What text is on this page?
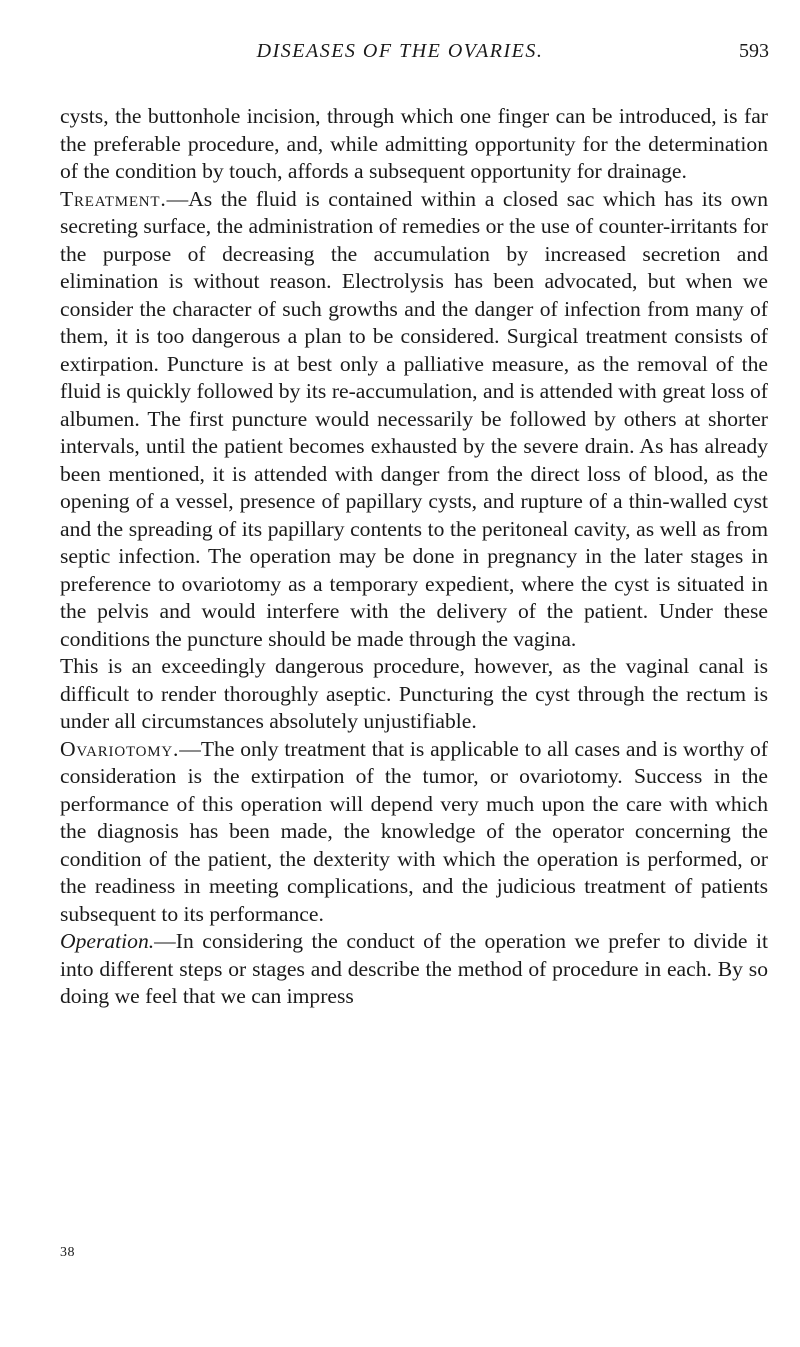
DISEASES OF THE OVARIES.	593

cysts, the buttonhole incision, through which one finger can be introduced, is far the preferable procedure, and, while admitting opportunity for the determination of the condition by touch, affords a subsequent opportunity for drainage.

Treatment.—As the fluid is contained within a closed sac which has its own secreting surface, the administration of remedies or the use of counter-irritants for the purpose of decreasing the accumulation by increased secretion and elimination is without reason. Electrolysis has been advocated, but when we consider the character of such growths and the danger of infection from many of them, it is too dangerous a plan to be considered. Surgical treatment consists of extirpation. Puncture is at best only a palliative measure, as the removal of the fluid is quickly followed by its re-accumulation, and is attended with great loss of albumen. The first puncture would necessarily be followed by others at shorter intervals, until the patient becomes exhausted by the severe drain. As has already been mentioned, it is attended with danger from the direct loss of blood, as the opening of a vessel, presence of papillary cysts, and rupture of a thin-walled cyst and the spreading of its papillary contents to the peritoneal cavity, as well as from septic infection. The operation may be done in pregnancy in the later stages in preference to ovariotomy as a temporary expedient, where the cyst is situated in the pelvis and would interfere with the delivery of the patient. Under these conditions the puncture should be made through the vagina.

This is an exceedingly dangerous procedure, however, as the vaginal canal is difficult to render thoroughly aseptic. Puncturing the cyst through the rectum is under all circumstances absolutely unjustifiable.

Ovariotomy.—The only treatment that is applicable to all cases and is worthy of consideration is the extirpation of the tumor, or ovariotomy. Success in the performance of this operation will depend very much upon the care with which the diagnosis has been made, the knowledge of the operator concerning the condition of the patient, the dexterity with which the operation is performed, or the readiness in meeting complications, and the judicious treatment of patients subsequent to its performance.

Operation.—In considering the conduct of the operation we prefer to divide it into different steps or stages and describe the method of procedure in each. By so doing we feel that we can impress

38
